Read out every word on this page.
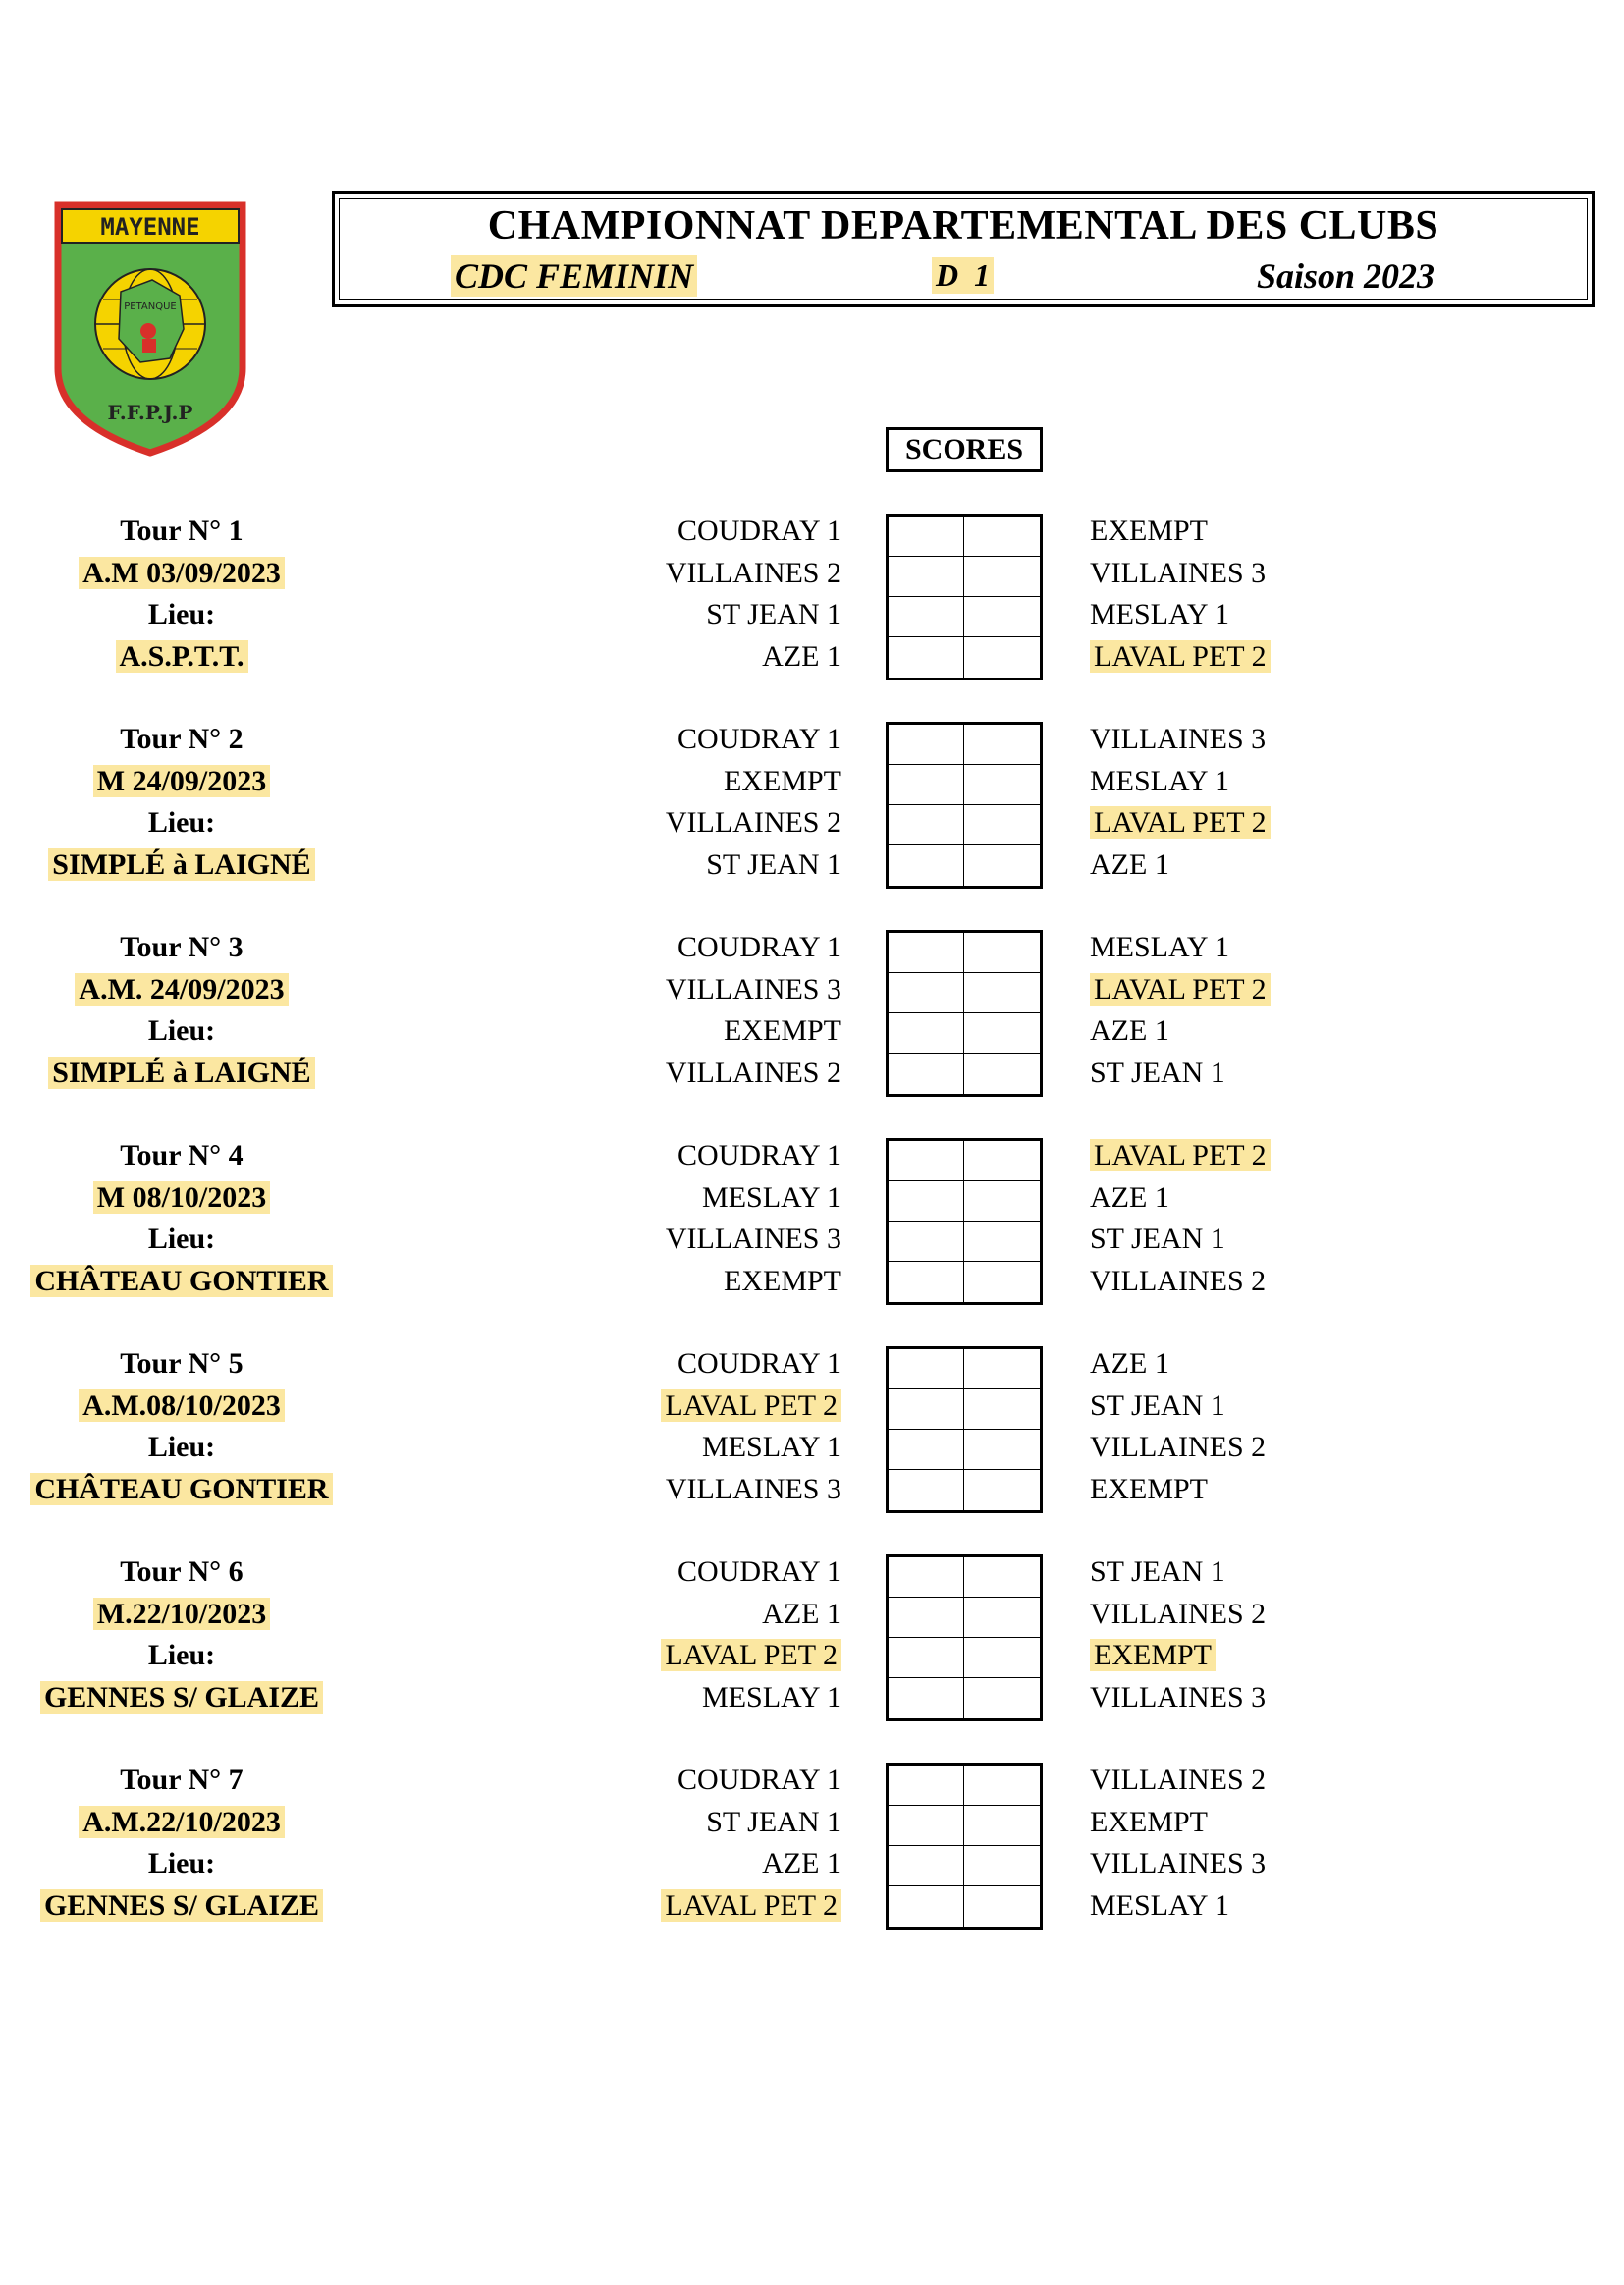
MAYENNE
PETANQUE
F.F.P.J.P
CHAMPIONNAT DEPARTEMENTAL DES CLUBS
CDC FEMININ	D  1	Saison 2023
SCORES
Tour N° 1
A.M 03/09/2023
Lieu:
A.S.P.T.T.
COUDRAY 1
VILLAINES 2
ST JEAN 1
AZE 1
EXEMPT
VILLAINES 3
MESLAY 1
LAVAL PET 2
Tour N° 2
M 24/09/2023
Lieu:
SIMPLÉ à LAIGNÉ
COUDRAY 1
EXEMPT
VILLAINES 2
ST JEAN 1
VILLAINES 3
MESLAY 1
LAVAL PET 2
AZE 1
Tour N° 3
A.M. 24/09/2023
Lieu:
SIMPLÉ à LAIGNÉ
COUDRAY 1
VILLAINES 3
EXEMPT
VILLAINES 2
MESLAY 1
LAVAL PET 2
AZE 1
ST JEAN 1
Tour N° 4
M 08/10/2023
Lieu:
CHÂTEAU GONTIER
COUDRAY 1
MESLAY 1
VILLAINES 3
EXEMPT
LAVAL PET 2
AZE 1
ST JEAN 1
VILLAINES 2
Tour N° 5
A.M.08/10/2023
Lieu:
CHÂTEAU GONTIER
COUDRAY 1
LAVAL PET 2
MESLAY 1
VILLAINES 3
AZE 1
ST JEAN 1
VILLAINES 2
EXEMPT
Tour N° 6
M.22/10/2023
Lieu:
GENNES S/ GLAIZE
COUDRAY 1
AZE 1
LAVAL PET 2
MESLAY 1
ST JEAN 1
VILLAINES 2
EXEMPT
VILLAINES 3
Tour N° 7
A.M.22/10/2023
Lieu:
GENNES S/ GLAIZE
COUDRAY 1
ST JEAN 1
AZE 1
LAVAL PET 2
VILLAINES 2
EXEMPT
VILLAINES 3
MESLAY 1
